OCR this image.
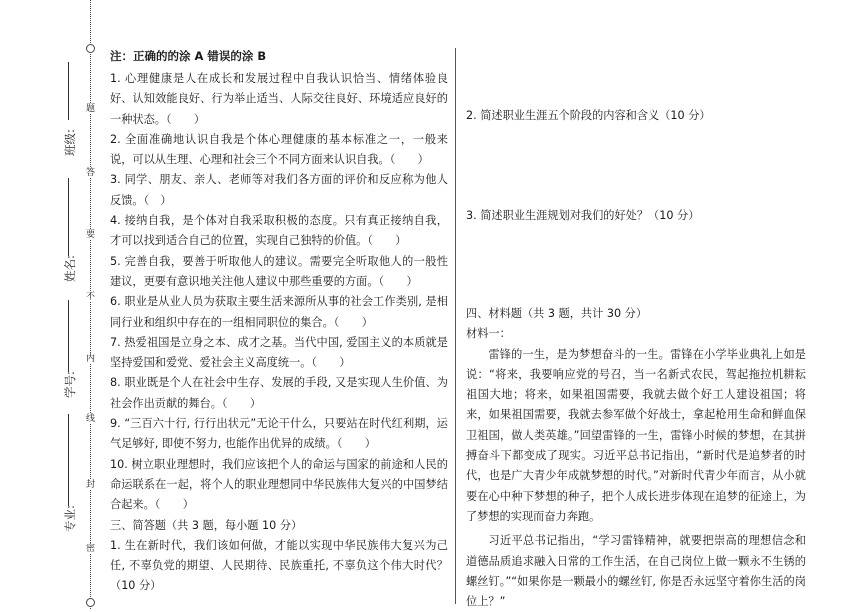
班级:
姓名:
学号:
专业:
题
答
要
不
内
线
封
密

注：正确的的涂 A 错误的涂 B

1. 心理健康是人在成长和发展过程中自我认识恰当、情绪体验良好、认知效能良好、行为举止适当、人际交往良好、环境适应良好的一种状态。（　　）

2. 全面准确地认识自我是个体心理健康的基本标准之一，一般来说，可以从生理、心理和社会三个不同方面来认识自我。（　　）

3. 同学、朋友、亲人、老师等对我们各方面的评价和反应称为他人反馈。（　）

4. 接纳自我，是个体对自我采取积极的态度。只有真正接纳自我，才可以找到适合自己的位置，实现自己独特的价值。（　　）

5. 完善自我，要善于听取他人的建议。需要完全听取他人的一般性建议，更要有意识地关注他人建议中那些重要的方面。（　　）

6. 职业是从业人员为获取主要生活来源所从事的社会工作类别, 是相同行业和组织中存在的一组相同职位的集合。（　　）

7. 热爱祖国是立身之本、成才之基。当代中国, 爱国主义的本质就是坚持爱国和爱党、爱社会主义高度统一。（　　）

8. 职业既是个人在社会中生存、发展的手段, 又是实现人生价值、为社会作出贡献的舞台。（　　）

9. “三百六十行, 行行出状元”无论干什么，只要站在时代红利期，运气足够好, 即使不努力, 也能作出优异的成绩。（　　）

10. 树立职业理想时，我们应该把个人的命运与国家的前途和人民的命运联系在一起，将个人的职业理想同中华民族伟大复兴的中国梦结合起来。（　　）

三、简答题（共 3 题，每小题 10 分）

1. 生在新时代，我们该如何做，才能以实现中华民族伟大复兴为己任, 不辜负党的期望、人民期待、民族重托, 不辜负这个伟大时代？（10 分）

2. 简述职业生涯五个阶段的内容和含义（10 分）

3. 简述职业生涯规划对我们的好处？（10 分）

四、材料题（共 3 题，共计 30 分）

材料一：

雷锋的一生，是为梦想奋斗的一生。雷锋在小学毕业典礼上如是说：“将来，我要响应党的号召，当一名新式农民，驾起拖拉机耕耘祖国大地；将来，如果祖国需要，我就去做个好工人建设祖国；将来，如果祖国需要，我就去参军做个好战士，拿起枪用生命和鲜血保卫祖国，做人类英雄。”回望雷锋的一生，雷锋小时候的梦想，在其拼搏奋斗下都变成了现实。习近平总书记指出，“新时代是追梦者的时代，也是广大青少年成就梦想的时代。”对新时代青少年而言，从小就要在心中种下梦想的种子，把个人成长进步体现在追梦的征途上，为了梦想的实现而奋力奔跑。

习近平总书记指出，“学习雷锋精神，就要把崇高的理想信念和道德品质追求融入日常的工作生活，在自己岗位上做一颗永不生锈的螺丝钉。”“如果你是一颗最小的螺丝钉, 你是否永远坚守着你生活的岗位上？”
